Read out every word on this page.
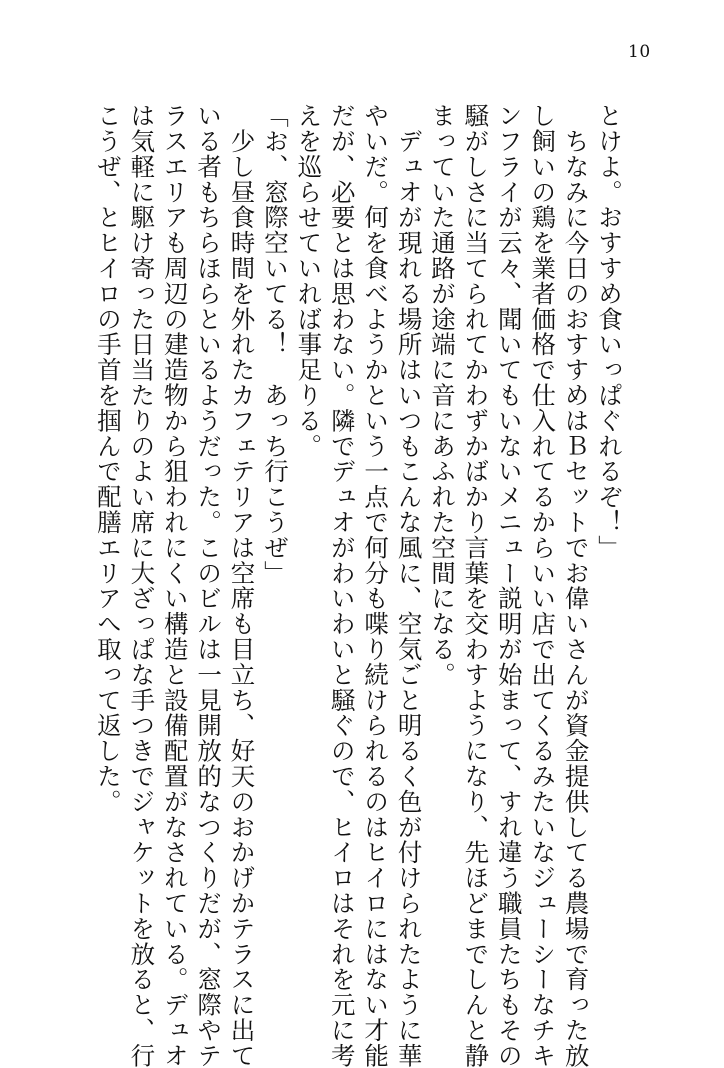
10
とけよ。おすすめ食いっぱぐれるぞ！」
　ちなみに今日のおすすめはＢセットでお偉いさんが資金提供してる農場で育った放
し飼いの鶏を業者価格で仕入れてるからいい店で出てくるみたいなジューシーなチキ
ンフライが云々、聞いてもいないメニュー説明が始まって、すれ違う職員たちもその
騒がしさに当てられてかわずかばかり言葉を交わすようになり、先ほどまでしんと静
まっていた通路が途端に音にあふれた空間になる。
　デュオが現れる場所はいつもこんな風に、空気ごと明るく色が付けられたように華
やいだ。何を食べようかという一点で何分も喋り続けられるのはヒイロにはない才能
だが、必要とは思わない。隣でデュオがわいわいと騒ぐので、ヒイロはそれを元に考
えを巡らせていれば事足りる。
「お、窓際空いてる！　あっち行こうぜ」
　少し昼食時間を外れたカフェテリアは空席も目立ち、好天のおかげかテラスに出て
いる者もちらほらといるようだった。このビルは一見開放的なつくりだが、窓際やテ
ラスエリアも周辺の建造物から狙われにくい構造と設備配置がなされている。デュオ
は気軽に駆け寄った日当たりのよい席に大ざっぱな手つきでジャケットを放ると、行
こうぜ、とヒイロの手首を掴んで配膳エリアへ取って返した。
